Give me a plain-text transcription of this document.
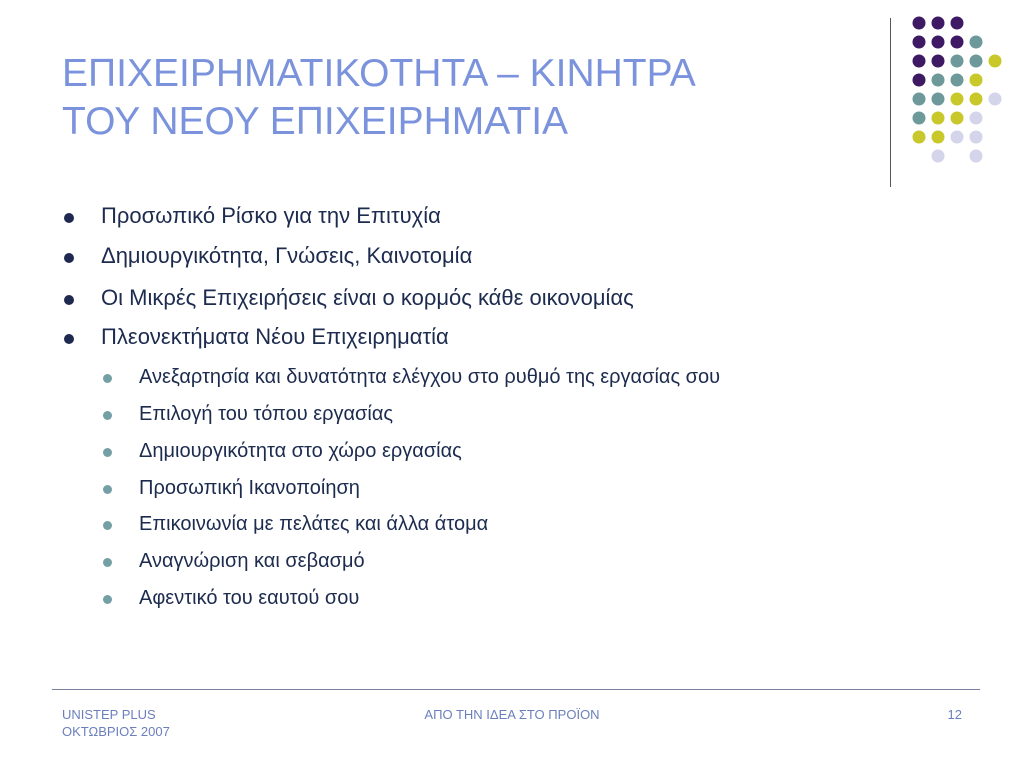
ΕΠΙΧΕΙΡΗΜΑΤΙΚΟΤΗΤΑ – ΚΙΝΗΤΡΑ
ΤΟΥ ΝΕΟΥ ΕΠΙΧΕΙΡΗΜΑΤΙΑ
Προσωπικό Ρίσκο για την Επιτυχία
Δημιουργικότητα, Γνώσεις, Καινοτομία
Οι Μικρές Επιχειρήσεις είναι ο κορμός κάθε οικονομίας
Πλεονεκτήματα Νέου Επιχειρηματία
Ανεξαρτησία και δυνατότητα ελέγχου στο ρυθμό της εργασίας σου
Επιλογή του τόπου εργασίας
Δημιουργικότητα στο χώρο εργασίας
Προσωπική Ικανοποίηση
Επικοινωνία με πελάτες και άλλα άτομα
Αναγνώριση και σεβασμό
Αφεντικό του εαυτού σου
UNISTEP PLUS
ΟΚΤΩΒΡΙΟΣ 2007
ΑΠΟ ΤΗΝ ΙΔΕΑ ΣΤΟ ΠΡΟΪΟΝ	12
